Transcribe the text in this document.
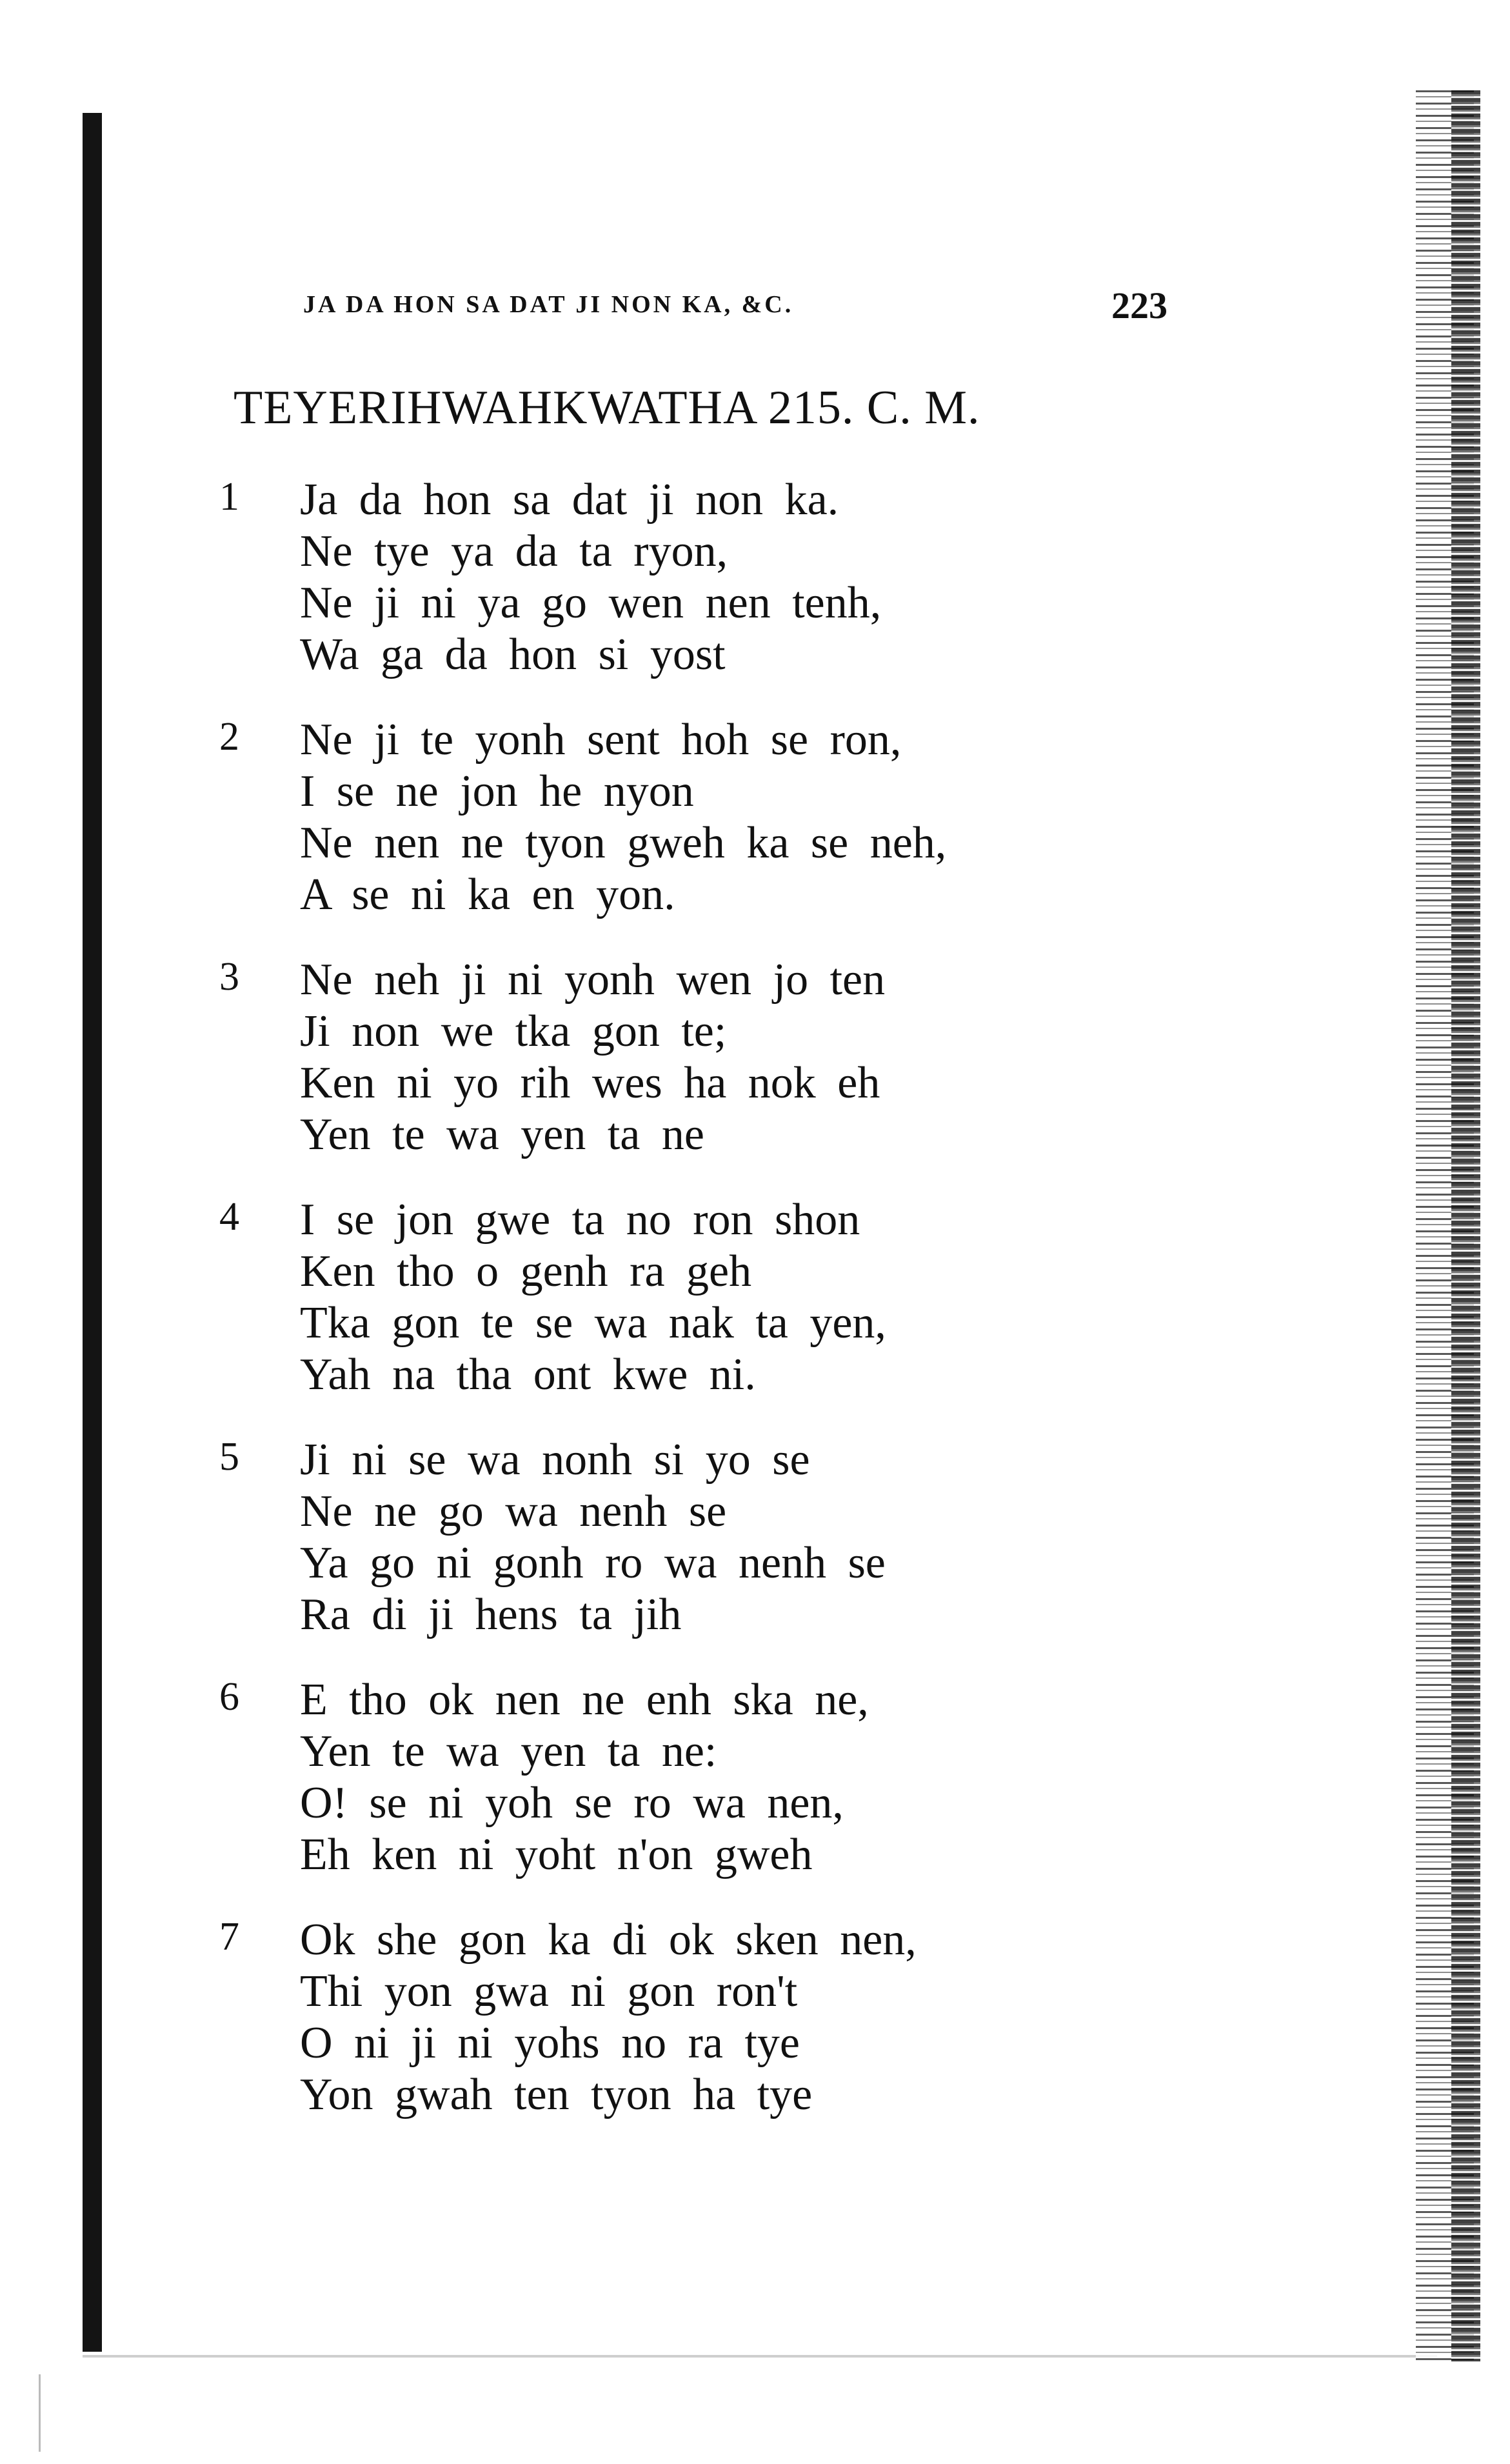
JA DA HON SA DAT JI NON KA, &C.	223
TEYERIHWAHKWATHA 215. C. M.
1 Ja da hon sa dat ji non ka.
Ne tye ya da ta ryon,
Ne ji ni ya go wen nen tenh,
Wa ga da hon si yost
2 Ne ji te yonh sent hoh se ron,
I se ne jon he nyon
Ne nen ne tyon gweh ka se neh,
A se ni ka en yon.
3 Ne neh ji ni yonh wen jo ten
Ji non we tka gon te;
Ken ni yo rih wes ha nok eh
Yen te wa yen ta ne
4 I se jon gwe ta no ron shon
Ken tho o genh ra geh
Tka gon te se wa nak ta yen,
Yah na tha ont kwe ni.
5 Ji ni se wa nonh si yo se
Ne ne go wa nenh se
Ya go ni gonh ro wa nenh se
Ra di ji hens ta jih
6 E tho ok nen ne enh ska ne,
Yen te wa yen ta ne:
O! se ni yoh se ro wa nen,
Eh ken ni yoht n'on gweh
7 Ok she gon ka di ok sken nen,
Thi yon gwa ni gon ron't
O ni ji ni yohs no ra tye
Yon gwah ten tyon ha tye
